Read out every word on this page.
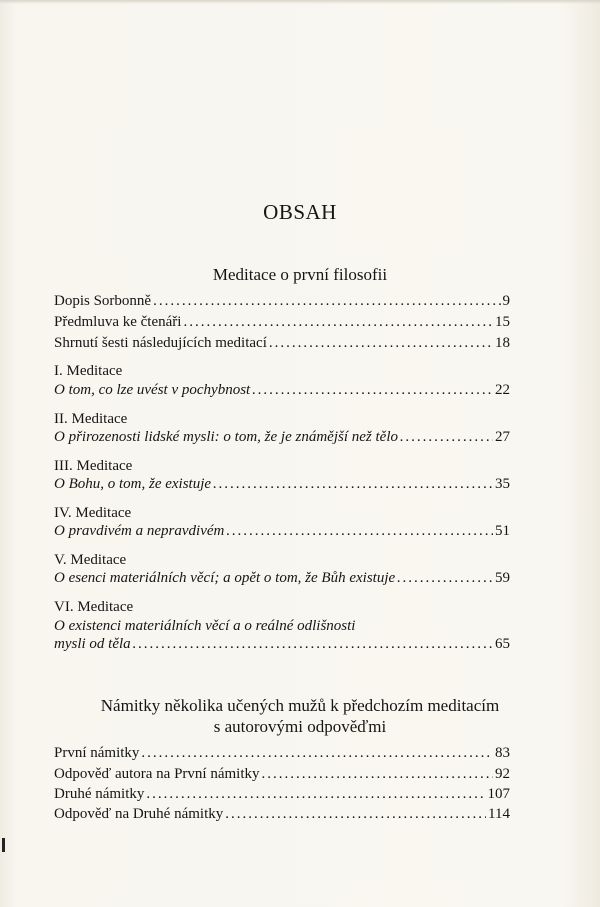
OBSAH
Meditace o první filosofii
Dopis Sorbonně .....	9
Předmluva ke čtenáři .....	15
Shrnutí šesti následujících meditací .....	18
I. Meditace
O tom, co lze uvést v pochybnost .....	22
II. Meditace
O přirozenosti lidské mysli: o tom, že je známější než tělo .....	27
III. Meditace
O Bohu, o tom, že existuje .....	35
IV. Meditace
O pravdivém a nepravdivém .....	51
V. Meditace
O esenci materiálních věcí; a opět o tom, že Bůh existuje .....	59
VI. Meditace
O existenci materiálních věcí a o reálné odlišnosti
mysli od těla .....	65
Námitky několika učených mužů k předchozím meditacím
s autorovými odpověďmi
První námitky .....	83
Odpověď autora na První námitky .....	92
Druhé námitky .....	107
Odpověď na Druhé námitky .....	114
